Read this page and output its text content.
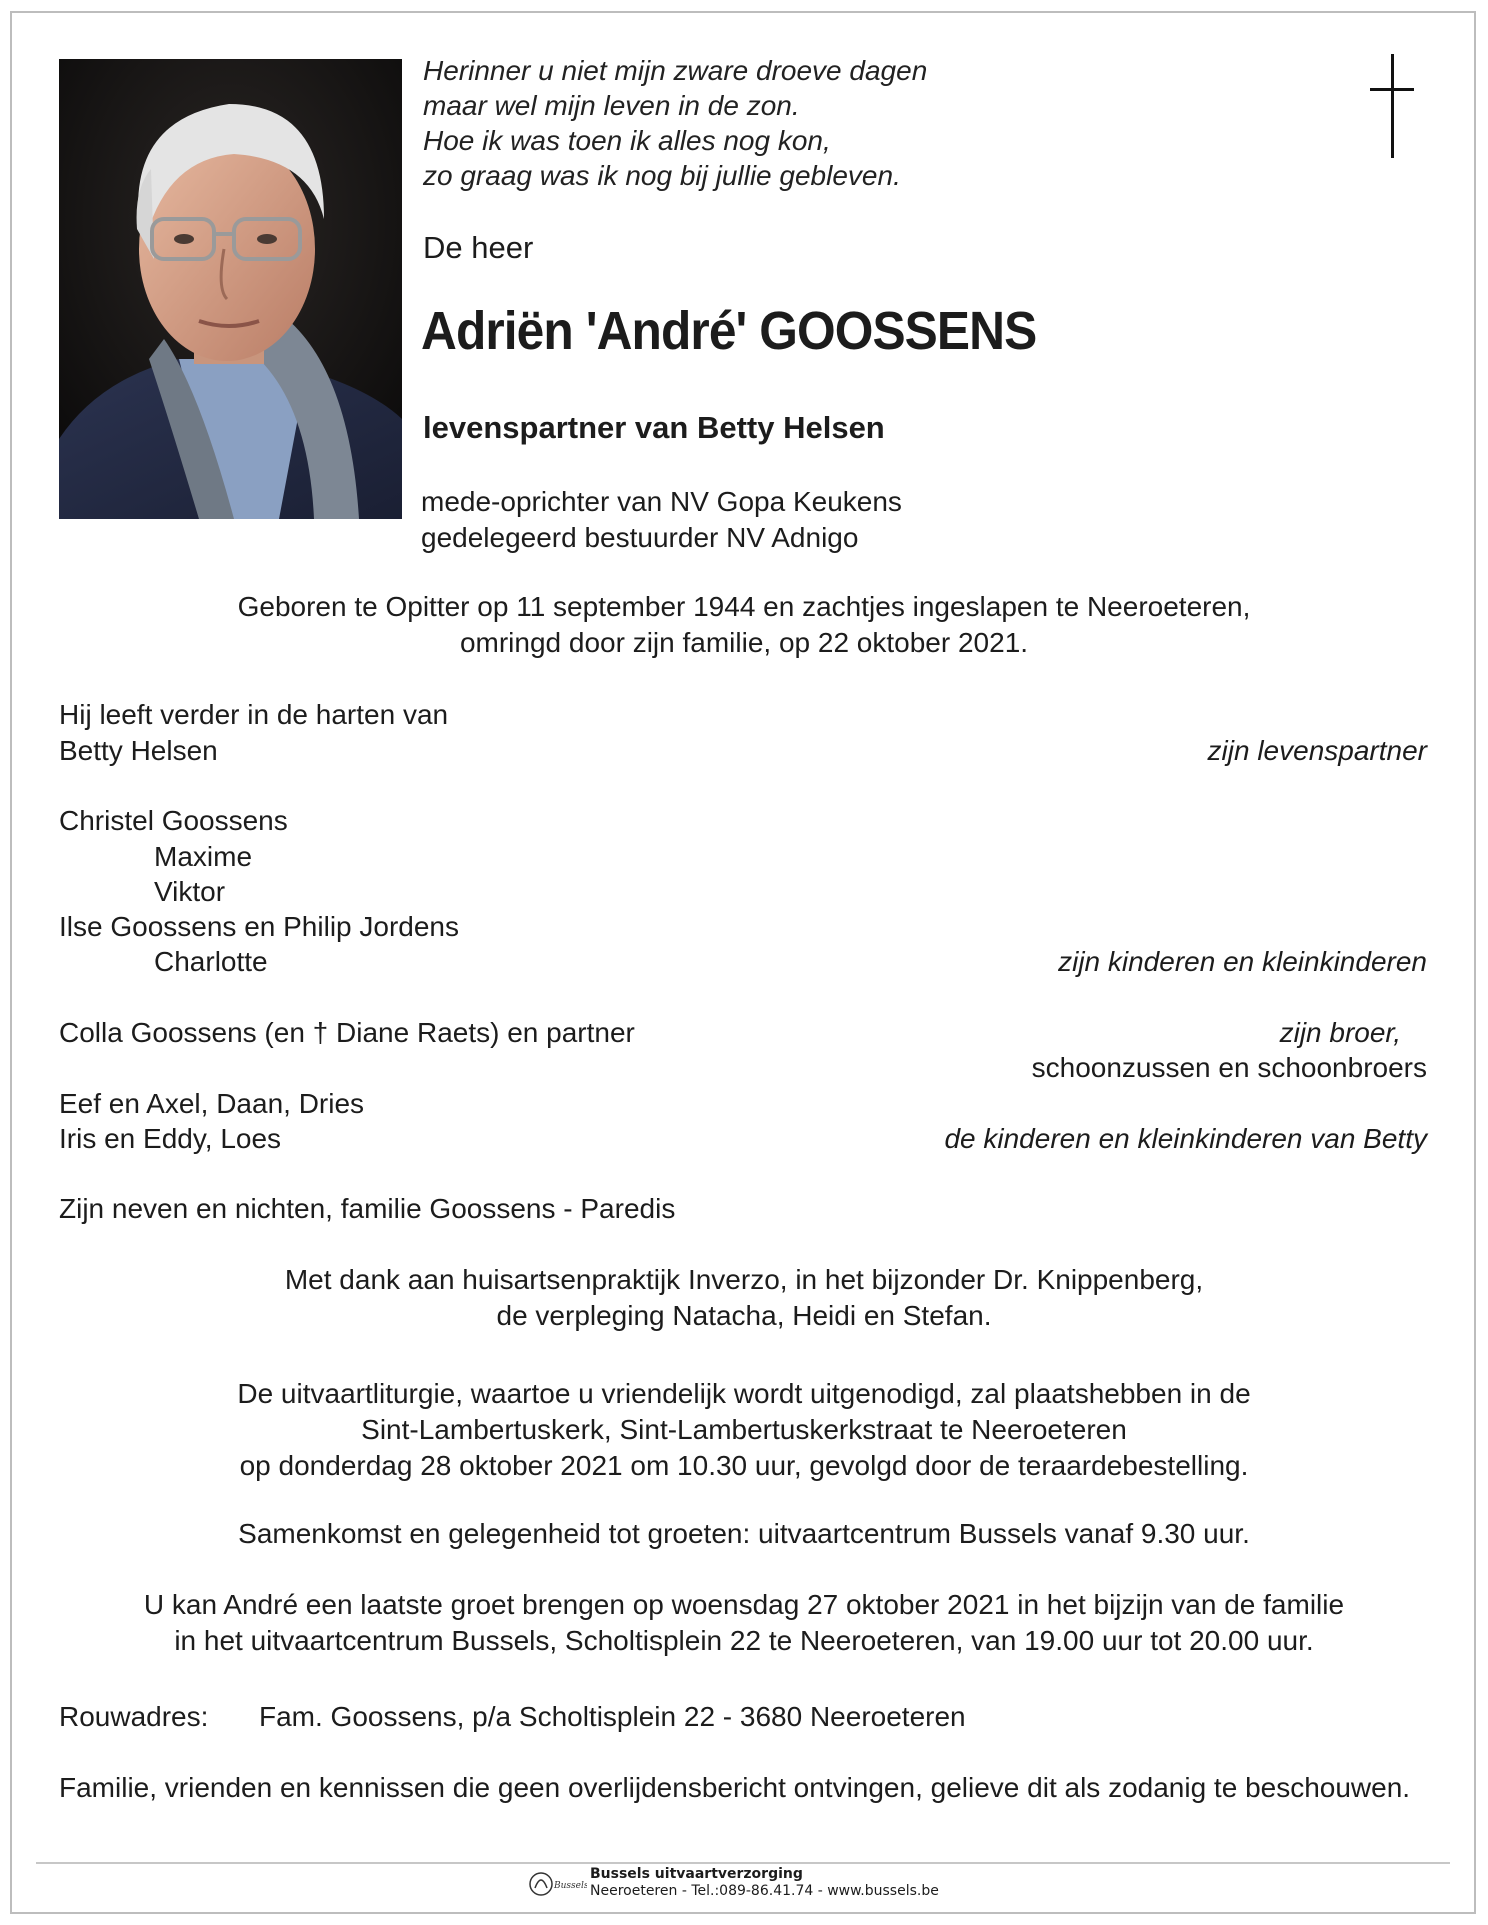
Herinner u niet mijn zware droeve dagen
maar wel mijn leven in de zon.
Hoe ik was toen ik alles nog kon,
zo graag was ik nog bij jullie gebleven.
De heer
Adriën 'André' GOOSSENS
levenspartner van Betty Helsen
mede-oprichter van NV Gopa Keukens
gedelegeerd bestuurder NV Adnigo
Geboren te Opitter op 11 september 1944 en zachtjes ingeslapen te Neeroeteren,
omringd door zijn familie, op 22 oktober 2021.
Hij leeft verder in de harten van
Betty Helsen	zijn levenspartner
Christel Goossens
Maxime
Viktor
Ilse Goossens en Philip Jordens
Charlotte	zijn kinderen en kleinkinderen
Colla Goossens (en † Diane Raets) en partner	zijn broer,
schoonzussen en schoonbroers
Eef en Axel, Daan, Dries
Iris en Eddy, Loes	de kinderen en kleinkinderen van Betty
Zijn neven en nichten, familie Goossens - Paredis
Met dank aan huisartsenpraktijk Inverzo, in het bijzonder Dr. Knippenberg,
de verpleging Natacha, Heidi en Stefan.
De uitvaartliturgie, waartoe u vriendelijk wordt uitgenodigd, zal plaatshebben in de
Sint-Lambertuskerk, Sint-Lambertuskerkstraat te Neeroeteren
op donderdag 28 oktober 2021 om 10.30 uur, gevolgd door de teraardebestelling.
Samenkomst en gelegenheid tot groeten: uitvaartcentrum Bussels vanaf 9.30 uur.
U kan André een laatste groet brengen op woensdag 27 oktober 2021 in het bijzijn van de familie
in het uitvaartcentrum Bussels, Scholtisplein 22 te Neeroeteren, van 19.00 uur tot 20.00 uur.
Rouwadres: Fam. Goossens, p/a Scholtisplein 22 - 3680 Neeroeteren
Familie, vrienden en kennissen die geen overlijdensbericht ontvingen, gelieve dit als zodanig te beschouwen.
Bussels
Bussels uitvaartverzorging
Neeroeteren - Tel.:089-86.41.74 - www.bussels.be
